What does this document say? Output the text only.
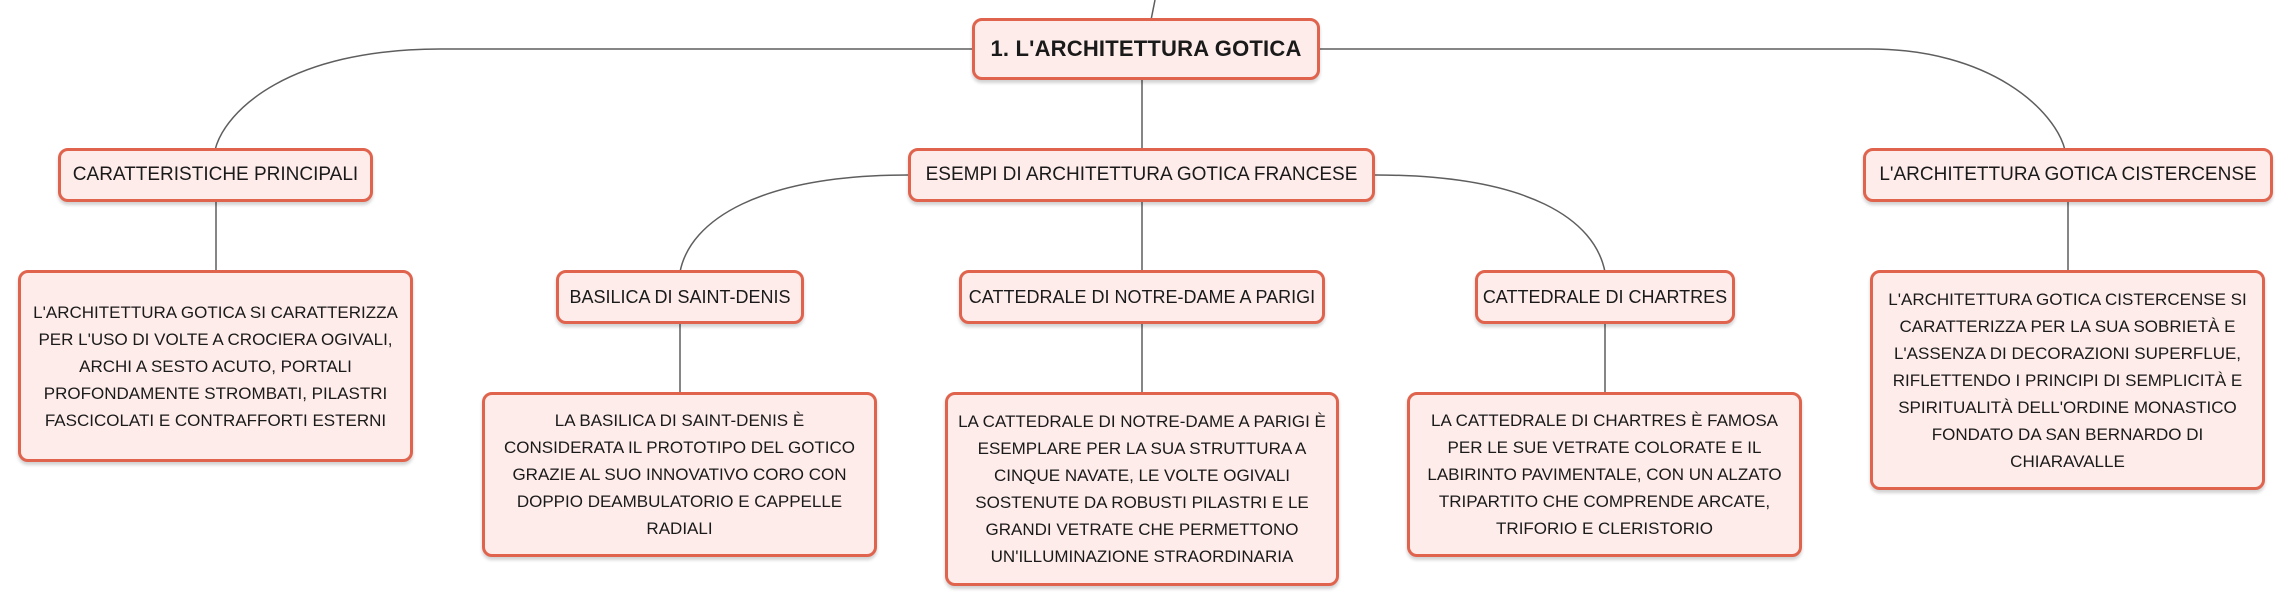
1. L'ARCHITETTURA GOTICA
CARATTERISTICHE PRINCIPALI
L'ARCHITETTURA GOTICA SI CARATTERIZZA PER L'USO DI VOLTE A CROCIERA OGIVALI, ARCHI A SESTO ACUTO, PORTALI PROFONDAMENTE STROMBATI, PILASTRI FASCICOLATI E CONTRAFFORTI ESTERNI
ESEMPI DI ARCHITETTURA GOTICA FRANCESE
BASILICA DI SAINT-DENIS
LA BASILICA DI SAINT-DENIS È CONSIDERATA IL PROTOTIPO DEL GOTICO GRAZIE AL SUO INNOVATIVO CORO CON DOPPIO DEAMBULATORIO E CAPPELLE RADIALI
CATTEDRALE DI NOTRE-DAME A PARIGI
LA CATTEDRALE DI NOTRE-DAME A PARIGI È ESEMPLARE PER LA SUA STRUTTURA A CINQUE NAVATE, LE VOLTE OGIVALI SOSTENUTE DA ROBUSTI PILASTRI E LE GRANDI VETRATE CHE PERMETTONO UN'ILLUMINAZIONE STRAORDINARIA
CATTEDRALE DI CHARTRES
LA CATTEDRALE DI CHARTRES È FAMOSA PER LE SUE VETRATE COLORATE E IL LABIRINTO PAVIMENTALE, CON UN ALZATO TRIPARTITO CHE COMPRENDE ARCATE, TRIFORIO E CLERISTORIO
L'ARCHITETTURA GOTICA CISTERCENSE
L'ARCHITETTURA GOTICA CISTERCENSE SI CARATTERIZZA PER LA SUA SOBRIETÀ E L'ASSENZA DI DECORAZIONI SUPERFLUE, RIFLETTENDO I PRINCIPI DI SEMPLICITÀ E SPIRITUALITÀ DELL'ORDINE MONASTICO FONDATO DA SAN BERNARDO DI CHIARAVALLE
